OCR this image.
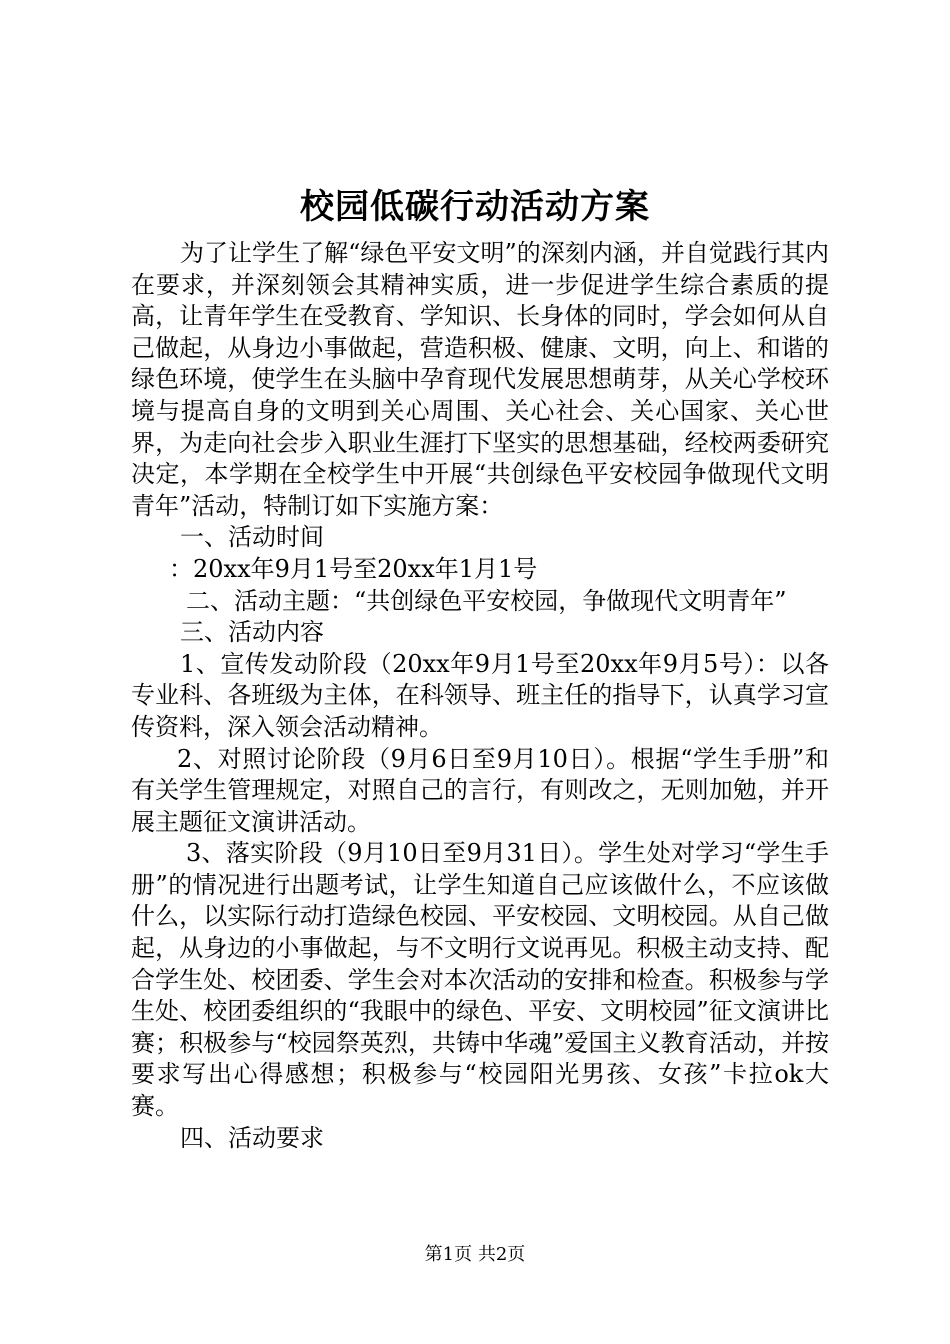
校园低碳行动活动方案

为了让学生了解“绿色平安文明”的深刻内涵，并自觉践行其内在要求，并深刻领会其精神实质，进一步促进学生综合素质的提高，让青年学生在受教育、学知识、长身体的同时，学会如何从自己做起，从身边小事做起，营造积极、健康、文明，向上、和谐的绿色环境，使学生在头脑中孕育现代发展思想萌芽，从关心学校环境与提高自身的文明到关心周围、关心社会、关心国家、关心世界，为走向社会步入职业生涯打下坚实的思想基础，经校两委研究决定，本学期在全校学生中开展“共创绿色平安校园争做现代文明青年”活动，特制订如下实施方案：

一、活动时间

：20xx年9月1号至20xx年1月1号

二、活动主题：“共创绿色平安校园，争做现代文明青年”

三、活动内容

1、宣传发动阶段（20xx年9月1号至20xx年9月5号）：以各专业科、各班级为主体，在科领导、班主任的指导下，认真学习宣传资料，深入领会活动精神。

2、对照讨论阶段（9月6日至9月10日）。根据“学生手册”和有关学生管理规定，对照自己的言行，有则改之，无则加勉，并开展主题征文演讲活动。

3、落实阶段（9月10日至9月31日）。学生处对学习“学生手册”的情况进行出题考试，让学生知道自己应该做什么，不应该做什么，以实际行动打造绿色校园、平安校园、文明校园。从自己做起，从身边的小事做起，与不文明行文说再见。积极主动支持、配合学生处、校团委、学生会对本次活动的安排和检查。积极参与学生处、校团委组织的“我眼中的绿色、平安、文明校园”征文演讲比赛；积极参与“校园祭英烈，共铸中华魂”爱国主义教育活动，并按要求写出心得感想；积极参与“校园阳光男孩、女孩”卡拉ok大赛。

四、活动要求

第1页 共2页
